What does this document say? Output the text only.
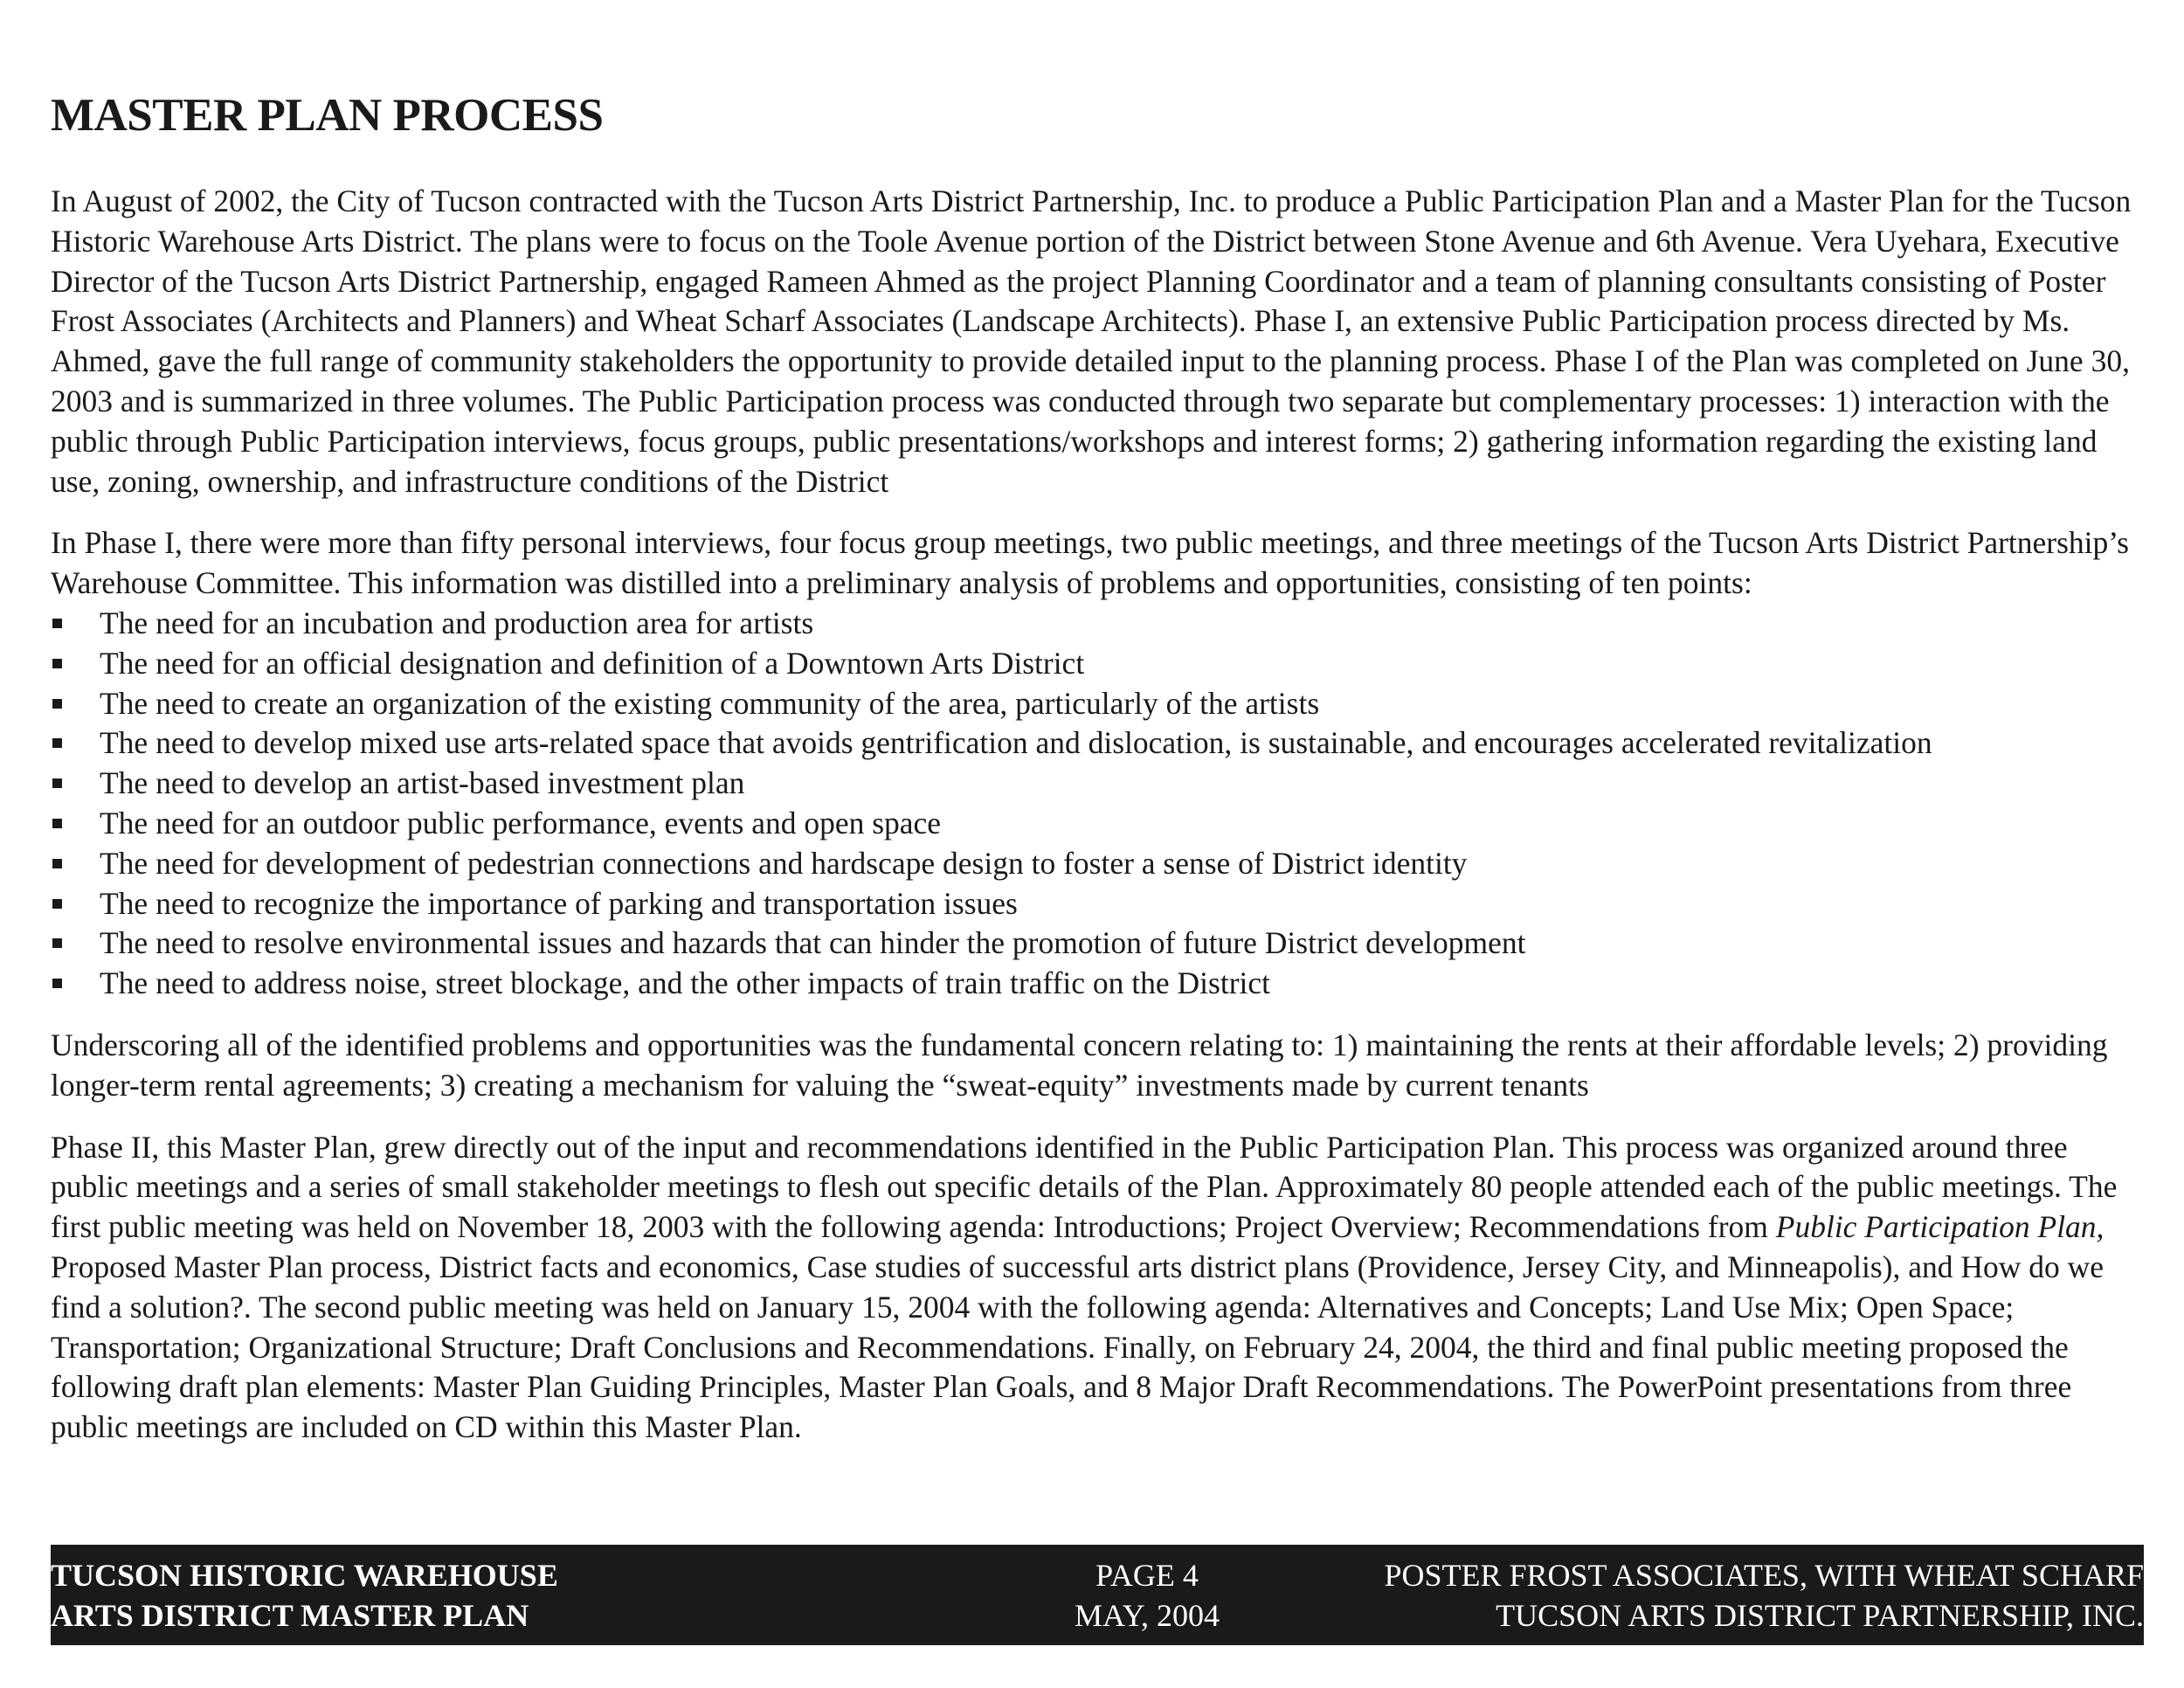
MASTER PLAN PROCESS

In August of 2002, the City of Tucson contracted with the Tucson Arts District Partnership, Inc. to produce a Public Participation Plan and a Master Plan for the Tucson Historic Warehouse Arts District. The plans were to focus on the Toole Avenue portion of the District between Stone Avenue and 6th Avenue. Vera Uyehara, Executive Director of the Tucson Arts District Partnership, engaged Rameen Ahmed as the project Planning Coordinator and a team of planning consultants consisting of Poster Frost Associates (Architects and Planners) and Wheat Scharf Associates (Landscape Architects). Phase I, an extensive Public Participation process directed by Ms. Ahmed, gave the full range of community stakeholders the opportunity to provide detailed input to the planning process. Phase I of the Plan was completed on June 30, 2003 and is summarized in three volumes. The Public Participation process was conducted through two separate but complementary processes: 1) interaction with the public through Public Participation interviews, focus groups, public presentations/workshops and interest forms; 2) gathering information regarding the existing land use, zoning, ownership, and infrastructure conditions of the District

In Phase I, there were more than fifty personal interviews, four focus group meetings, two public meetings, and three meetings of the Tucson Arts District Partnership’s Warehouse Committee. This information was distilled into a preliminary analysis of problems and opportunities, consisting of ten points:

The need for an incubation and production area for artists
The need for an official designation and definition of a Downtown Arts District
The need to create an organization of the existing community of the area, particularly of the artists
The need to develop mixed use arts-related space that avoids gentrification and dislocation, is sustainable, and encourages accelerated revitalization
The need to develop an artist-based investment plan
The need for an outdoor public performance, events and open space
The need for development of pedestrian connections and hardscape design to foster a sense of District identity
The need to recognize the importance of parking and transportation issues
The need to resolve environmental issues and hazards that can hinder the promotion of future District development
The need to address noise, street blockage, and the other impacts of train traffic on the District

Underscoring all of the identified problems and opportunities was the fundamental concern relating to: 1) maintaining the rents at their affordable levels; 2) providing longer-term rental agreements; 3) creating a mechanism for valuing the “sweat-equity” investments made by current tenants

Phase II, this Master Plan, grew directly out of the input and recommendations identified in the Public Participation Plan. This process was organized around three public meetings and a series of small stakeholder meetings to flesh out specific details of the Plan. Approximately 80 people attended each of the public meetings. The first public meeting was held on November 18, 2003 with the following agenda: Introductions; Project Overview; Recommendations from Public Participation Plan, Proposed Master Plan process, District facts and economics, Case studies of successful arts district plans (Providence, Jersey City, and Minneapolis), and How do we find a solution?. The second public meeting was held on January 15, 2004 with the following agenda: Alternatives and Concepts; Land Use Mix; Open Space; Transportation; Organizational Structure; Draft Conclusions and Recommendations. Finally, on February 24, 2004, the third and final public meeting proposed the following draft plan elements: Master Plan Guiding Principles, Master Plan Goals, and 8 Major Draft Recommendations. The PowerPoint presentations from three public meetings are included on CD within this Master Plan.

TUCSON HISTORIC WAREHOUSE
ARTS DISTRICT MASTER PLAN
PAGE 4
MAY, 2004
POSTER FROST ASSOCIATES, WITH WHEAT SCHARF
TUCSON ARTS DISTRICT PARTNERSHIP, INC.
